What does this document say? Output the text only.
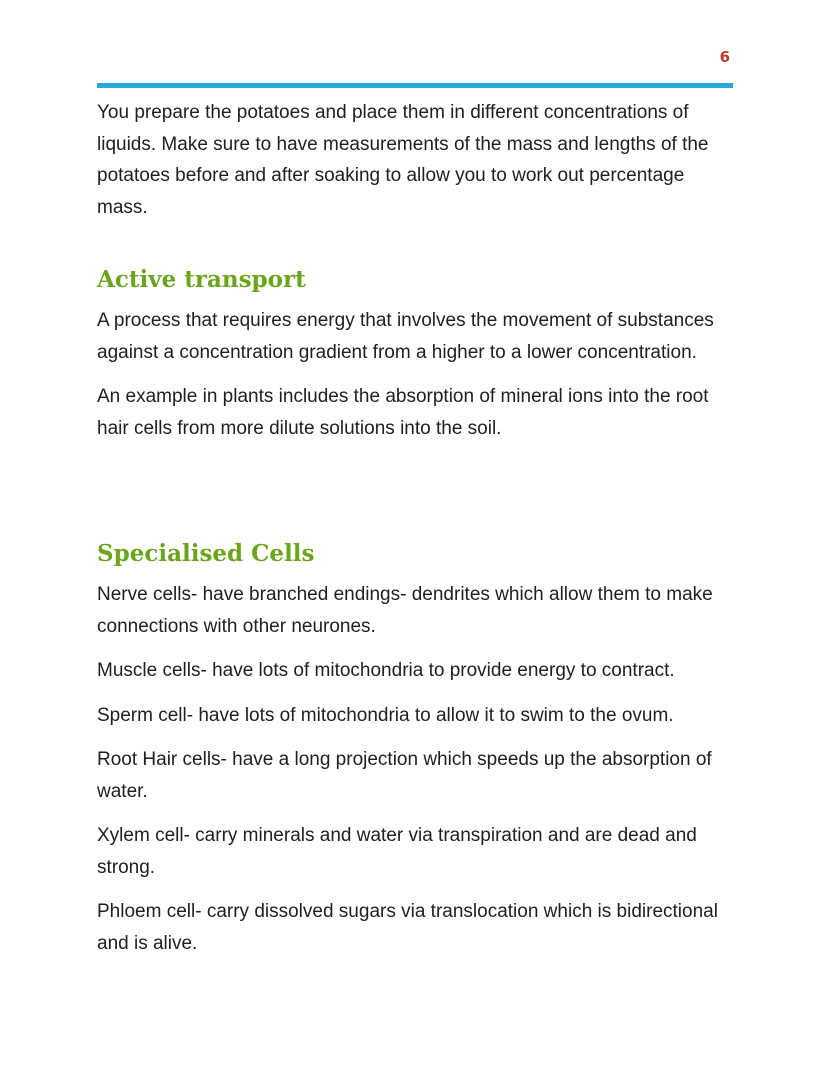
6

You prepare the potatoes and place them in different concentrations of liquids. Make sure to have measurements of the mass and lengths of the potatoes before and after soaking to allow you to work out percentage mass.

Active transport

A process that requires energy that involves the movement of substances against a concentration gradient from a higher to a lower concentration.

An example in plants includes the absorption of mineral ions into the root hair cells from more dilute solutions into the soil.

Specialised Cells

Nerve cells- have branched endings- dendrites which allow them to make connections with other neurones.

Muscle cells- have lots of mitochondria to provide energy to contract.

Sperm cell- have lots of mitochondria to allow it to swim to the ovum.

Root Hair cells- have a long projection which speeds up the absorption of water.

Xylem cell- carry minerals and water via transpiration and are dead and strong.

Phloem cell- carry dissolved sugars via translocation which is bidirectional and is alive.
